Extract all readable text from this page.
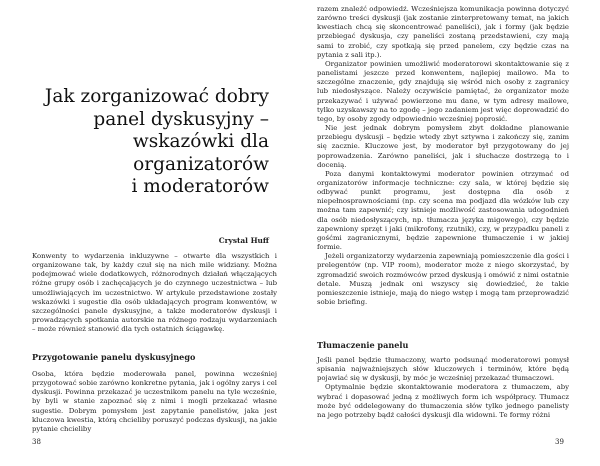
Jak zorganizować dobry
panel dyskusyjny –
wskazówki dla
organizatorów
i moderatorów

Crystal Huff

Konwenty to wydarzenia inkluzywne – otwarte dla wszystkich i organizowane tak, by każdy czuł się na nich mile widziany. Można podejmować wiele dodatkowych, różnorodnych działań włączających różne grupy osób i zachęcających je do czynnego uczestnictwa – lub umożliwiających im uczestnictwo. W artykule przedstawione zostały wskazówki i sugestie dla osób układających program konwentów, w szczególności panele dyskusyjne, a także moderatorów dyskusji i prowadzących spotkania autorskie na różnego rodzaju wydarzeniach – może również stanowić dla tych ostatnich ściągawkę.

Przygotowanie panelu dyskusyjnego

Osoba, która będzie moderowała panel, powinna wcześniej przygotować sobie zarówno konkretne pytania, jak i ogólny zarys i cel dyskusji. Powinna przekazać je uczestnikom panelu na tyle wcześnie, by byli w stanie zapoznać się z nimi i mogli przekazać własne sugestie. Dobrym pomysłem jest zapytanie panelistów, jaka jest kluczowa kwestia, którą chcieliby poruszyć podczas dyskusji, na jakie pytanie chcieliby

38

razem znaleźć odpowiedź. Wcześniejsza komunikacja powinna dotyczyć zarówno treści dyskusji (jak zostanie zinterpretowany temat, na jakich kwestiach chcą się skoncentrować paneliści), jak i formy (jak będzie przebiegać dyskusja, czy paneliści zostaną przedstawieni, czy mają sami to zrobić, czy spotkają się przed panelem, czy będzie czas na pytania z sali itp.).

Organizator powinien umożliwić moderatorowi skontaktowanie się z panelistami jeszcze przed konwentem, najlepiej mailowo. Ma to szczególne znaczenie, gdy znajdują się wśród nich osoby z zagranicy lub niedosłyszące. Należy oczywiście pamiętać, że organizator może przekazywać i używać powierzone mu dane, w tym adresy mailowe, tylko uzyskawszy na to zgodę – jego zadaniem jest więc doprowadzić do tego, by osoby zgody odpowiednio wcześniej poprosić.

Nie jest jednak dobrym pomysłem zbyt dokładne planowanie przebiegu dyskusji – będzie wtedy zbyt sztywna i zakończy się, zanim się zacznie. Kluczowe jest, by moderator był przygotowany do jej poprowadzenia. Zarówno paneliści, jak i słuchacze dostrzegą to i docenią.

Poza danymi kontaktowymi moderator powinien otrzymać od organizatorów informacje techniczne: czy sala, w której będzie się odbywać punkt programu, jest dostępna dla osób z niepełnosprawnościami (np. czy scena ma podjazd dla wózków lub czy można tam zapewnić; czy istnieje możliwość zastosowania udogodnień dla osób niedosłyszących, np. tłumacza języka migowego), czy będzie zapewniony sprzęt i jaki (mikrofony, rzutnik), czy, w przypadku paneli z gośćmi zagranicznymi, będzie zapewnione tłumaczenie i w jakiej formie.

Jeżeli organizatorzy wydarzenia zapewniają pomieszczenie dla gości i prelegentów (np. VIP room), moderator może z niego skorzystać, by zgromadzić swoich rozmówców przed dyskusją i omówić z nimi ostatnie detale. Muszą jednak oni wszyscy się dowiedzieć, że takie pomieszczenie istnieje, mają do niego wstęp i mogą tam przeprowadzić sobie briefing.

Tłumaczenie panelu

Jeśli panel będzie tłumaczony, warto podsunąć moderatorowi pomysł spisania najważniejszych słów kluczowych i terminów, które będą pojawiać się w dyskusji, by móc je wcześniej przekazać tłumaczowi.

Optymalnie będzie skontaktowanie moderatora z tłumaczem, aby wybrać i dopasować jedną z możliwych form ich współpracy. Tłumacz może być oddelegowany do tłumaczenia słów tylko jednego panelisty na jego potrzeby bądź całości dyskusji dla widowni. Te formy różni

39
